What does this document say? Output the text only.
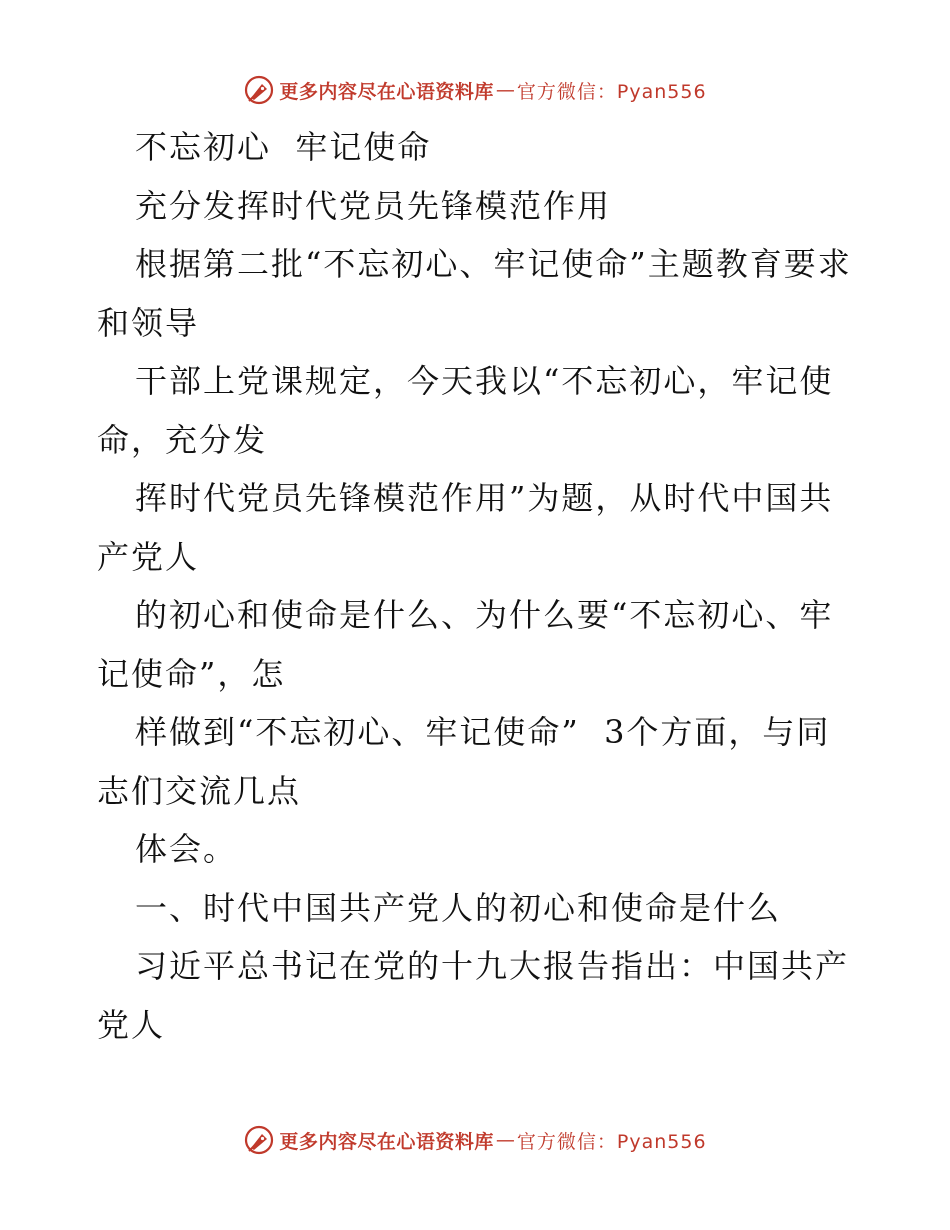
更多内容尽在心语资料库 — 官方微信：Pyan556

不忘初心  牢记使命

充分发挥时代党员先锋模范作用

根据第二批“不忘初心、牢记使命”主题教育要求和领导

干部上党课规定，今天我以“不忘初心，牢记使命，充分发

挥时代党员先锋模范作用”为题，从时代中国共产党人

的初心和使命是什么、为什么要“不忘初心、牢记使命”，怎

样做到“不忘初心、牢记使命”  3个方面，与同志们交流几点

体会。

一、时代中国共产党人的初心和使命是什么

习近平总书记在党的十九大报告指出：中国共产党人

更多内容尽在心语资料库 — 官方微信：Pyan556
